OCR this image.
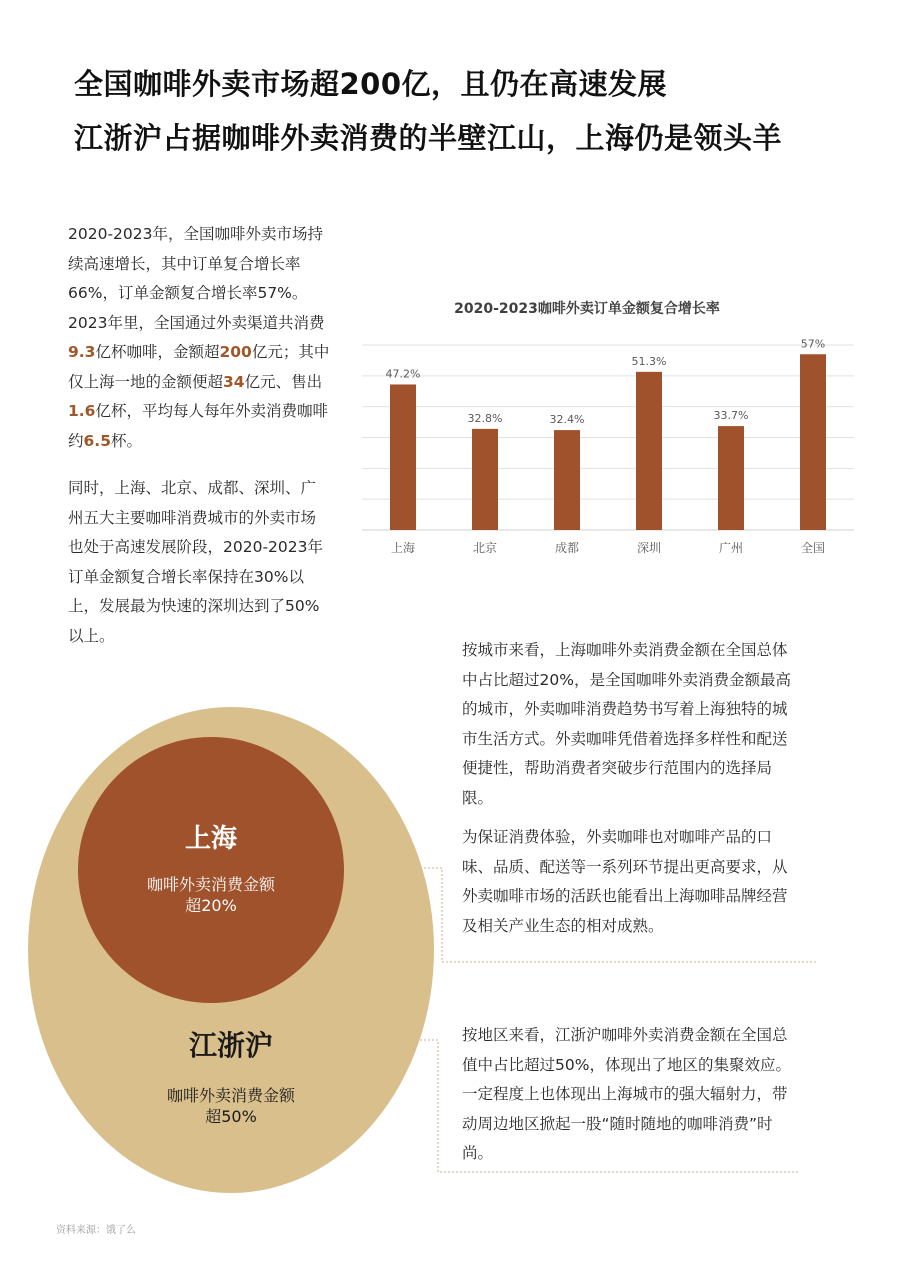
全国咖啡外卖市场超200亿，且仍在高速发展
江浙沪占据咖啡外卖消费的半壁江山，上海仍是领头羊

2020-2023年，全国咖啡外卖市场持续高速增长，其中订单复合增长率66%，订单金额复合增长率57%。2023年里，全国通过外卖渠道共消费9.3亿杯咖啡，金额超200亿元；其中仅上海一地的金额便超34亿元、售出1.6亿杯，平均每人每年外卖消费咖啡约6.5杯。

同时，上海、北京、成都、深圳、广州五大主要咖啡消费城市的外卖市场也处于高速发展阶段，2020-2023年订单金额复合增长率保持在30%以上，发展最为快速的深圳达到了50%以上。

2020-2023咖啡外卖订单金额复合增长率
47.2%
上海
32.8%
北京
32.4%
成都
51.3%
深圳
33.7%
广州
57%
全国

按城市来看，上海咖啡外卖消费金额在全国总体中占比超过20%，是全国咖啡外卖消费金额最高的城市，外卖咖啡消费趋势书写着上海独特的城市生活方式。外卖咖啡凭借着选择多样性和配送便捷性，帮助消费者突破步行范围内的选择局限。

为保证消费体验，外卖咖啡也对咖啡产品的口味、品质、配送等一系列环节提出更高要求，从外卖咖啡市场的活跃也能看出上海咖啡品牌经营及相关产业生态的相对成熟。

按地区来看，江浙沪咖啡外卖消费金额在全国总值中占比超过50%，体现出了地区的集聚效应。一定程度上也体现出上海城市的强大辐射力，带动周边地区掀起一股“随时随地的咖啡消费”时尚。

上海
咖啡外卖消费金额
超20%
江浙沪
咖啡外卖消费金额
超50%
资料来源：饿了么
